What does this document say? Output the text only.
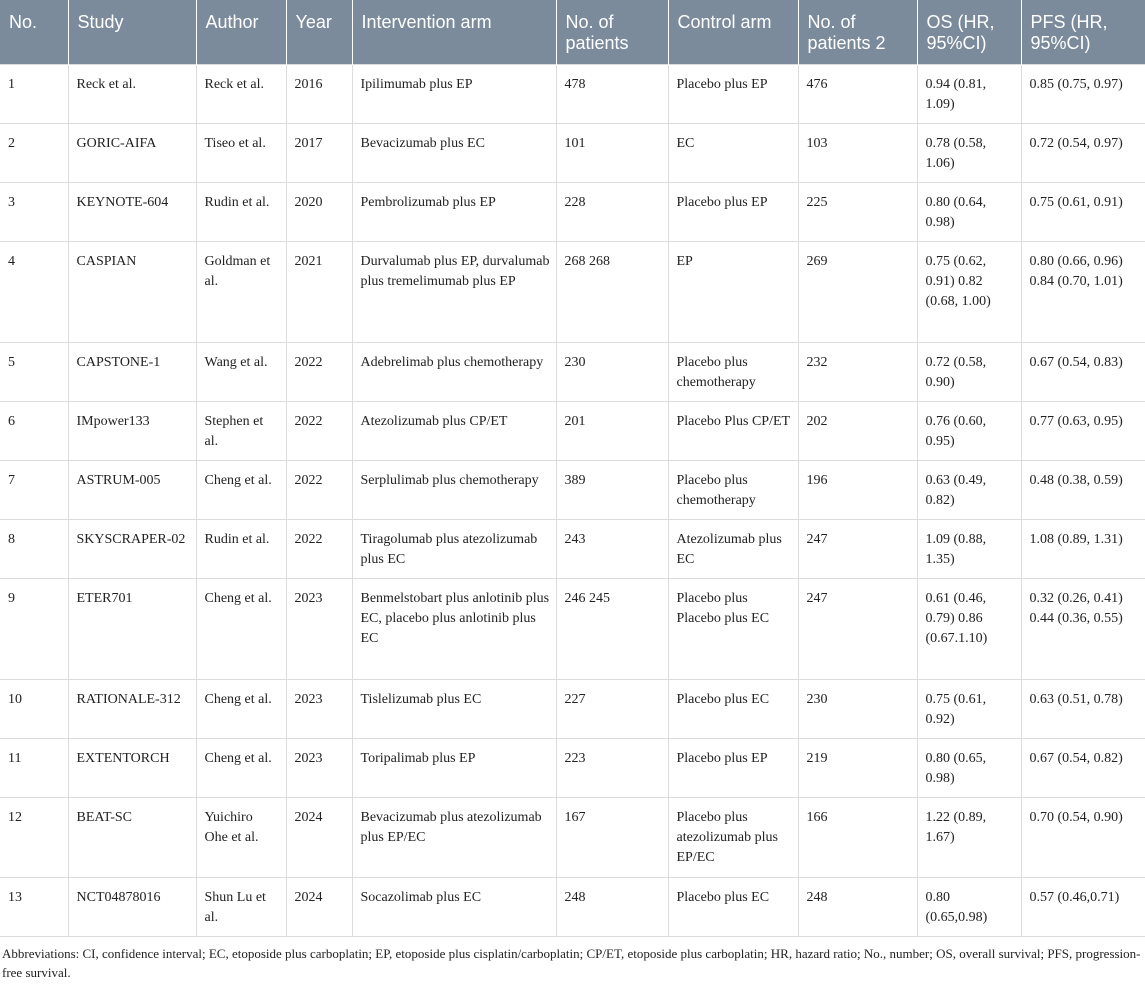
No.	Study	Author	Year	Intervention arm	No. of patients	Control arm	No. of patients 2	OS (HR, 95%CI)	PFS (HR, 95%CI)
1	Reck et al.	Reck et al.	2016	Ipilimumab plus EP	478	Placebo plus EP	476	0.94 (0.81, 1.09)	0.85 (0.75, 0.97)
2	GORIC-AIFA	Tiseo et al.	2017	Bevacizumab plus EC	101	EC	103	0.78 (0.58, 1.06)	0.72 (0.54, 0.97)
3	KEYNOTE-604	Rudin et al.	2020	Pembrolizumab plus EP	228	Placebo plus EP	225	0.80 (0.64, 0.98)	0.75 (0.61, 0.91)
4	CASPIAN	Goldman et al.	2021	Durvalumab plus EP, durvalumab plus tremelimumab plus EP	268 268	EP	269	0.75 (0.62, 0.91) 0.82 (0.68, 1.00)	0.80 (0.66, 0.96) 0.84 (0.70, 1.01)
5	CAPSTONE-1	Wang et al.	2022	Adebrelimab plus chemotherapy	230	Placebo plus chemotherapy	232	0.72 (0.58, 0.90)	0.67 (0.54, 0.83)
6	IMpower133	Stephen et al.	2022	Atezolizumab plus CP/ET	201	Placebo Plus CP/ET	202	0.76 (0.60, 0.95)	0.77 (0.63, 0.95)
7	ASTRUM-005	Cheng et al.	2022	Serplulimab plus chemotherapy	389	Placebo plus chemotherapy	196	0.63 (0.49, 0.82)	0.48 (0.38, 0.59)
8	SKYSCRAPER-02	Rudin et al.	2022	Tiragolumab plus atezolizumab plus EC	243	Atezolizumab plus EC	247	1.09 (0.88, 1.35)	1.08 (0.89, 1.31)
9	ETER701	Cheng et al.	2023	Benmelstobart plus anlotinib plus EC, placebo plus anlotinib plus EC	246 245	Placebo plus Placebo plus EC	247	0.61 (0.46, 0.79) 0.86 (0.67.1.10)	0.32 (0.26, 0.41) 0.44 (0.36, 0.55)
10	RATIONALE-312	Cheng et al.	2023	Tislelizumab plus EC	227	Placebo plus EC	230	0.75 (0.61, 0.92)	0.63 (0.51, 0.78)
11	EXTENTORCH	Cheng et al.	2023	Toripalimab plus EP	223	Placebo plus EP	219	0.80 (0.65, 0.98)	0.67 (0.54, 0.82)
12	BEAT-SC	Yuichiro Ohe et al.	2024	Bevacizumab plus atezolizumab plus EP/EC	167	Placebo plus atezolizumab plus EP/EC	166	1.22 (0.89, 1.67)	0.70 (0.54, 0.90)
13	NCT04878016	Shun Lu et al.	2024	Socazolimab plus EC	248	Placebo plus EC	248	0.80 (0.65,0.98)	0.57 (0.46,0.71)
Abbreviations: CI, confidence interval; EC, etoposide plus carboplatin; EP, etoposide plus cisplatin/carboplatin; CP/ET, etoposide plus carboplatin; HR, hazard ratio; No., number; OS, overall survival; PFS, progression-free survival.
